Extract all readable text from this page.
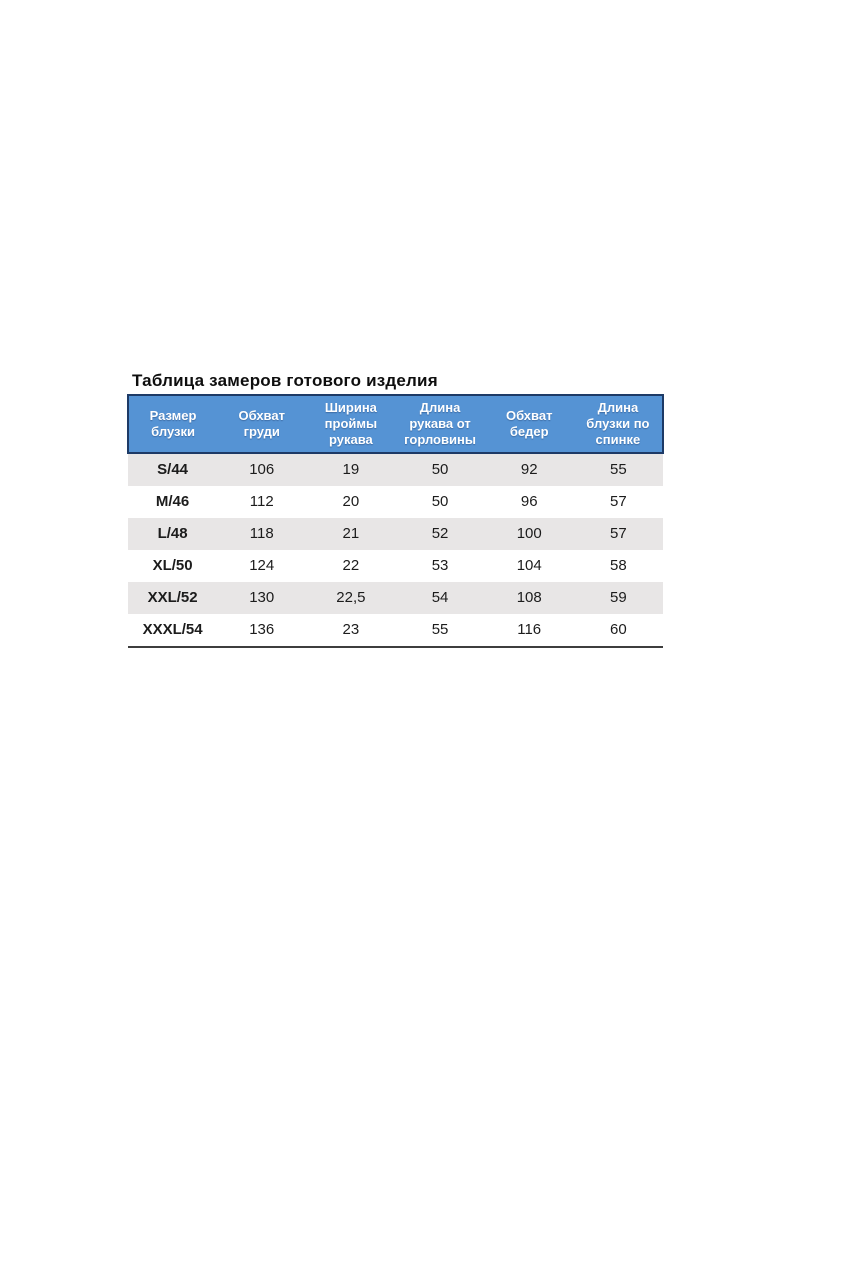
Таблица замеров готового изделия
Размер блузки	Обхват груди	Ширина проймы рукава	Длина рукава от горловины	Обхват бедер	Длина блузки по спинке
S/44	106	19	50	92	55
M/46	112	20	50	96	57
L/48	118	21	52	100	57
XL/50	124	22	53	104	58
XXL/52	130	22,5	54	108	59
XXXL/54	136	23	55	116	60
